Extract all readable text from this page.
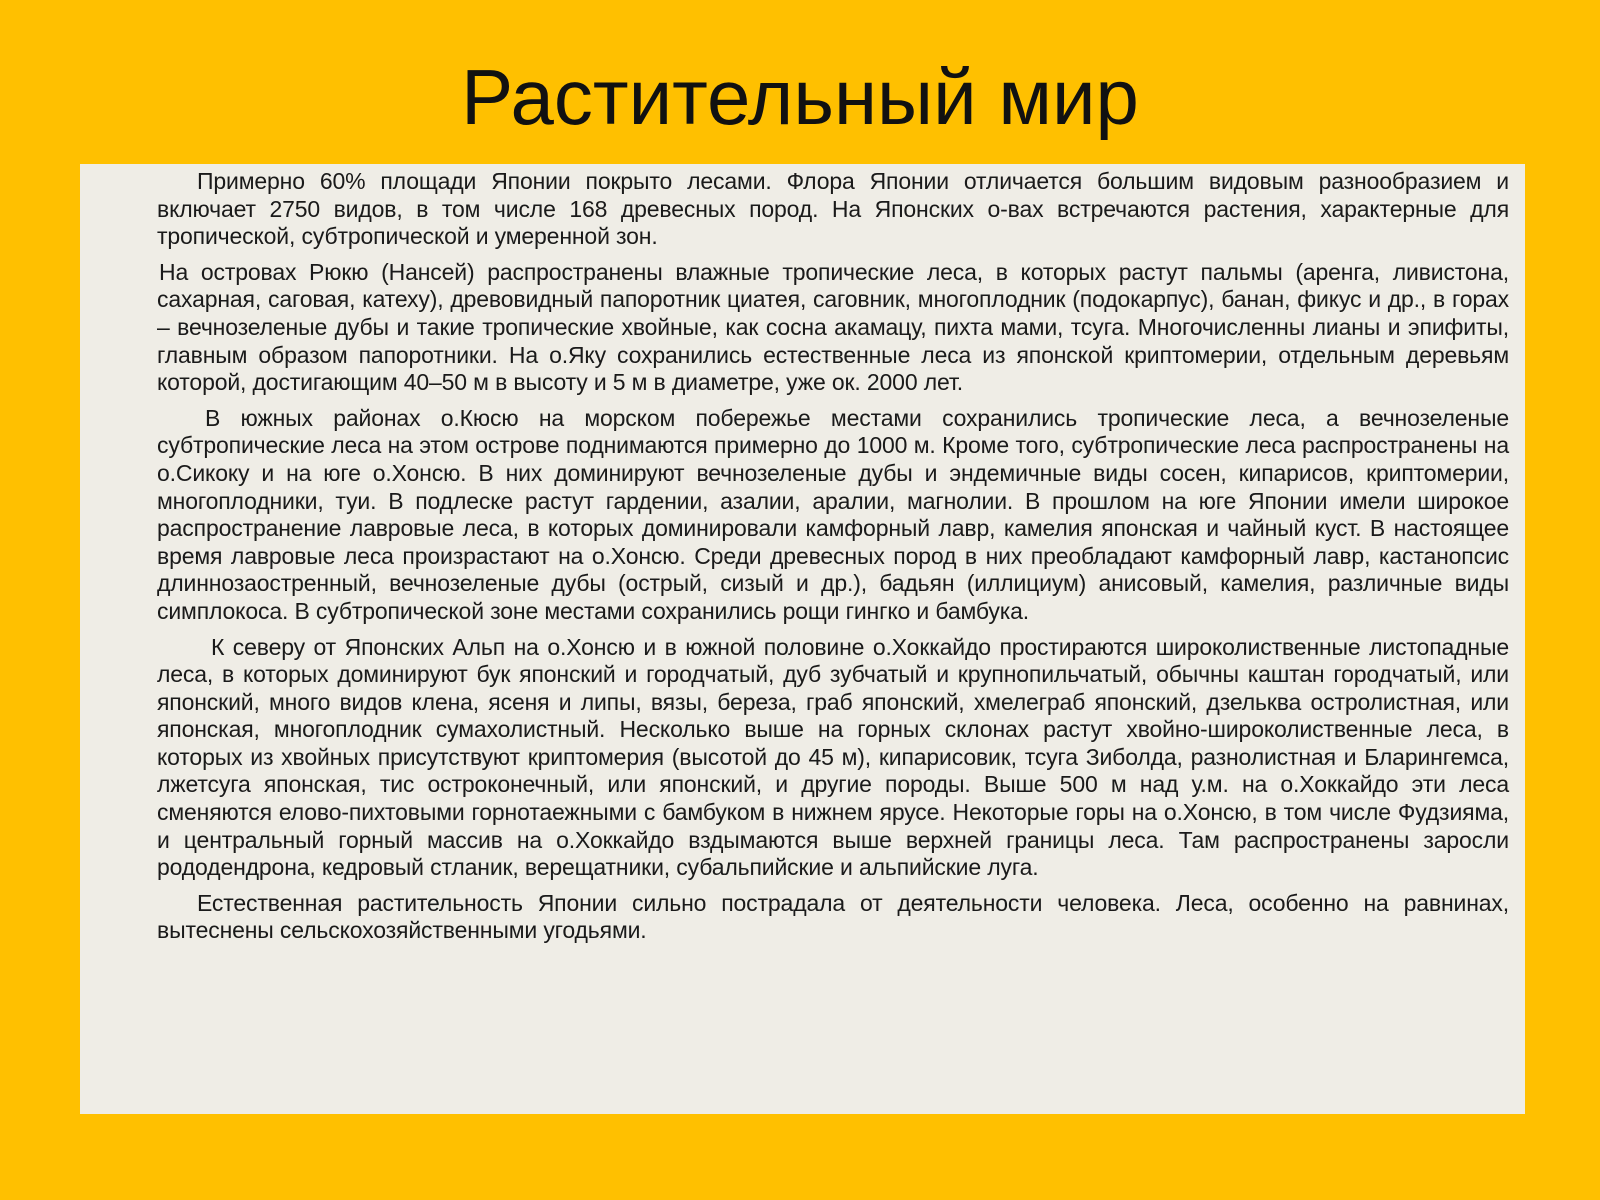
Растительный мир

Примерно 60% площади Японии покрыто лесами. Флора Японии отличается большим видовым разнообразием и включает 2750 видов, в том числе 168 древесных пород. На Японских о-вах встречаются растения, характерные для тропической, субтропической и умеренной зон.

На островах Рюкю (Нансей) распространены влажные тропические леса, в которых растут пальмы (аренга, ливистона, сахарная, саговая, катеху), древовидный папоротник циатея, саговник, многоплодник (подокарпус), банан, фикус и др., в горах – вечнозеленые дубы и такие тропические хвойные, как сосна акамацу, пихта мами, тсуга. Многочисленны лианы и эпифиты, главным образом папоротники. На о.Яку сохранились естественные леса из японской криптомерии, отдельным деревьям которой, достигающим 40–50 м в высоту и 5 м в диаметре, уже ок. 2000 лет.

В южных районах о.Кюсю на морском побережье местами сохранились тропические леса, а вечнозеленые субтропические леса на этом острове поднимаются примерно до 1000 м. Кроме того, субтропические леса распространены на о.Сикоку и на юге о.Хонсю. В них доминируют вечнозеленые дубы и эндемичные виды сосен, кипарисов, криптомерии, многоплодники, туи. В подлеске растут гардении, азалии, аралии, магнолии. В прошлом на юге Японии имели широкое распространение лавровые леса, в которых доминировали камфорный лавр, камелия японская и чайный куст. В настоящее время лавровые леса произрастают на о.Хонсю. Среди древесных пород в них преобладают камфорный лавр, кастанопсис длиннозаостренный, вечнозеленые дубы (острый, сизый и др.), бадьян (иллициум) анисовый, камелия, различные виды симплокоса. В субтропической зоне местами сохранились рощи гингко и бамбука.

К северу от Японских Альп на о.Хонсю и в южной половине о.Хоккайдо простираются широколиственные листопадные леса, в которых доминируют бук японский и городчатый, дуб зубчатый и крупнопильчатый, обычны каштан городчатый, или японский, много видов клена, ясеня и липы, вязы, береза, граб японский, хмелеграб японский, дзельква остролистная, или японская, многоплодник сумахолистный. Несколько выше на горных склонах растут хвойно-широколиственные леса, в которых из хвойных присутствуют криптомерия (высотой до 45 м), кипарисовик, тсуга Зиболда, разнолистная и Бларингемса, лжетсуга японская, тис остроконечный, или японский, и другие породы. Выше 500 м над у.м. на о.Хоккайдо эти леса сменяются елово-пихтовыми горнотаежными с бамбуком в нижнем ярусе. Некоторые горы на о.Хонсю, в том числе Фудзияма, и центральный горный массив на о.Хоккайдо вздымаются выше верхней границы леса. Там распространены заросли рододендрона, кедровый стланик, верещатники, субальпийские и альпийские луга.

Естественная растительность Японии сильно пострадала от деятельности человека. Леса, особенно на равнинах, вытеснены сельскохозяйственными угодьями.
